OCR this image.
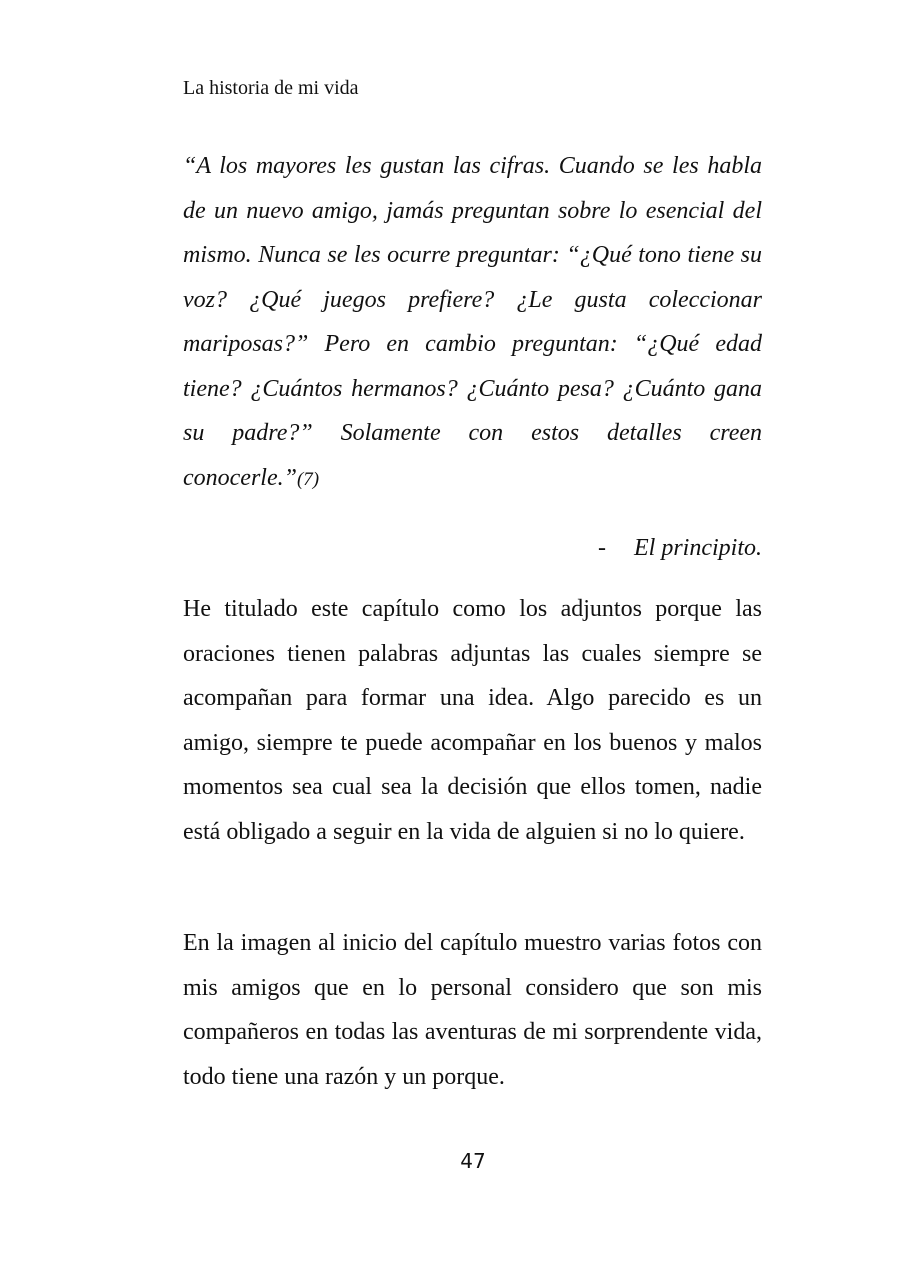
La historia de mi vida
“A los mayores les gustan las cifras. Cuando se les habla de un nuevo amigo, jamás preguntan sobre lo esencial del mismo. Nunca se les ocurre preguntar: “¿Qué tono tiene su voz? ¿Qué juegos prefiere? ¿Le gusta coleccionar mariposas?” Pero en cambio preguntan: “¿Qué edad tiene? ¿Cuántos hermanos? ¿Cuánto pesa? ¿Cuánto gana su padre?” Solamente con estos detalles creen conocerle.”(7)
- El principito.
He titulado este capítulo como los adjuntos porque las oraciones tienen palabras adjuntas las cuales siempre se acompañan para formar una idea. Algo parecido es un amigo, siempre te puede acompañar en los buenos y malos momentos sea cual sea la decisión que ellos tomen, nadie está obligado a seguir en la vida de alguien si no lo quiere.
En la imagen al inicio del capítulo muestro varias fotos con mis amigos que en lo personal considero que son mis compañeros en todas las aventuras de mi sorprendente vida, todo tiene una razón y un porque.
47
